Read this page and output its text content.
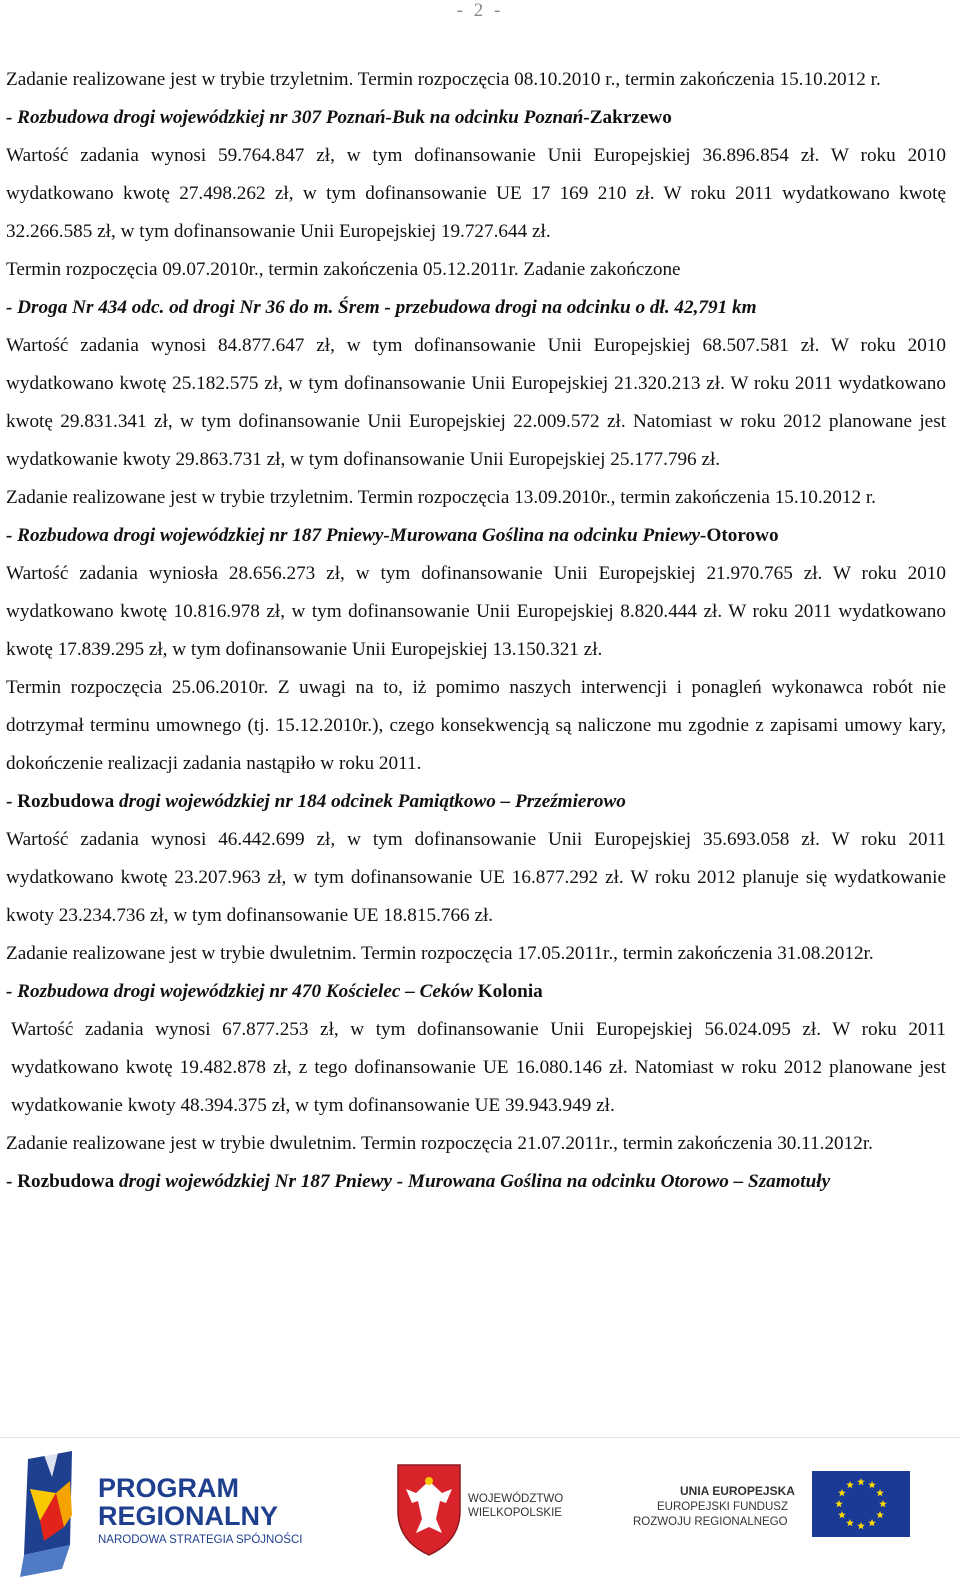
- 2 -

Zadanie realizowane jest w trybie trzyletnim. Termin rozpoczęcia 08.10.2010 r., termin zakończenia 15.10.2012 r.

- Rozbudowa drogi wojewódzkiej nr 307 Poznań-Buk na odcinku Poznań-Zakrzewo

Wartość zadania wynosi 59.764.847 zł, w tym dofinansowanie Unii Europejskiej 36.896.854 zł. W roku 2010 wydatkowano kwotę 27.498.262 zł, w tym dofinansowanie UE 17 169 210 zł. W roku 2011 wydatkowano kwotę 32.266.585 zł, w tym dofinansowanie Unii Europejskiej 19.727.644 zł.

Termin rozpoczęcia 09.07.2010r., termin zakończenia 05.12.2011r. Zadanie zakończone

- Droga Nr 434 odc. od drogi Nr 36 do m. Śrem - przebudowa drogi na odcinku o dł. 42,791 km

Wartość zadania wynosi 84.877.647 zł, w tym dofinansowanie Unii Europejskiej 68.507.581 zł. W roku 2010 wydatkowano kwotę 25.182.575 zł, w tym dofinansowanie Unii Europejskiej 21.320.213 zł. W roku 2011 wydatkowano kwotę 29.831.341 zł, w tym dofinansowanie Unii Europejskiej 22.009.572 zł. Natomiast w roku 2012 planowane jest wydatkowanie kwoty 29.863.731 zł, w tym dofinansowanie Unii Europejskiej 25.177.796 zł.

Zadanie realizowane jest w trybie trzyletnim. Termin rozpoczęcia 13.09.2010r., termin zakończenia 15.10.2012 r.

- Rozbudowa drogi wojewódzkiej nr 187 Pniewy-Murowana Goślina na odcinku Pniewy-Otorowo

Wartość zadania wyniosła 28.656.273 zł, w tym dofinansowanie Unii Europejskiej 21.970.765 zł. W roku 2010 wydatkowano kwotę 10.816.978 zł, w tym dofinansowanie Unii Europejskiej 8.820.444 zł. W roku 2011 wydatkowano kwotę 17.839.295 zł, w tym dofinansowanie Unii Europejskiej 13.150.321 zł.

Termin rozpoczęcia 25.06.2010r. Z uwagi na to, iż pomimo naszych interwencji i ponagleń wykonawca robót nie dotrzymał terminu umownego (tj. 15.12.2010r.), czego konsekwencją są naliczone mu zgodnie z zapisami umowy kary, dokończenie realizacji zadania nastąpiło w roku 2011.

- Rozbudowa drogi wojewódzkiej nr 184 odcinek Pamiątkowo – Przeźmierowo

Wartość zadania wynosi 46.442.699 zł, w tym dofinansowanie Unii Europejskiej 35.693.058 zł. W roku 2011 wydatkowano kwotę 23.207.963 zł, w tym dofinansowanie UE 16.877.292 zł. W roku 2012 planuje się wydatkowanie kwoty 23.234.736 zł, w tym dofinansowanie UE 18.815.766 zł.

Zadanie realizowane jest w trybie dwuletnim. Termin rozpoczęcia 17.05.2011r., termin zakończenia 31.08.2012r.

- Rozbudowa drogi wojewódzkiej nr 470 Kościelec – Ceków Kolonia

Wartość zadania wynosi 67.877.253 zł, w tym dofinansowanie Unii Europejskiej 56.024.095 zł. W roku 2011 wydatkowano kwotę 19.482.878 zł, z tego dofinansowanie UE 16.080.146 zł. Natomiast w roku 2012 planowane jest wydatkowanie kwoty 48.394.375 zł, w tym dofinansowanie UE 39.943.949 zł.

Zadanie realizowane jest w trybie dwuletnim. Termin rozpoczęcia 21.07.2011r., termin zakończenia 30.11.2012r.

- Rozbudowa drogi wojewódzkiej Nr 187 Pniewy - Murowana Goślina na odcinku Otorowo – Szamotuły

PROGRAM
REGIONALNY
NARODOWA STRATEGIA SPÓJNOŚCI
WOJEWÓDZTWO
WIELKOPOLSKIE
UNIA EUROPEJSKA
EUROPEJSKI FUNDUSZ
ROZWOJU REGIONALNEGO
